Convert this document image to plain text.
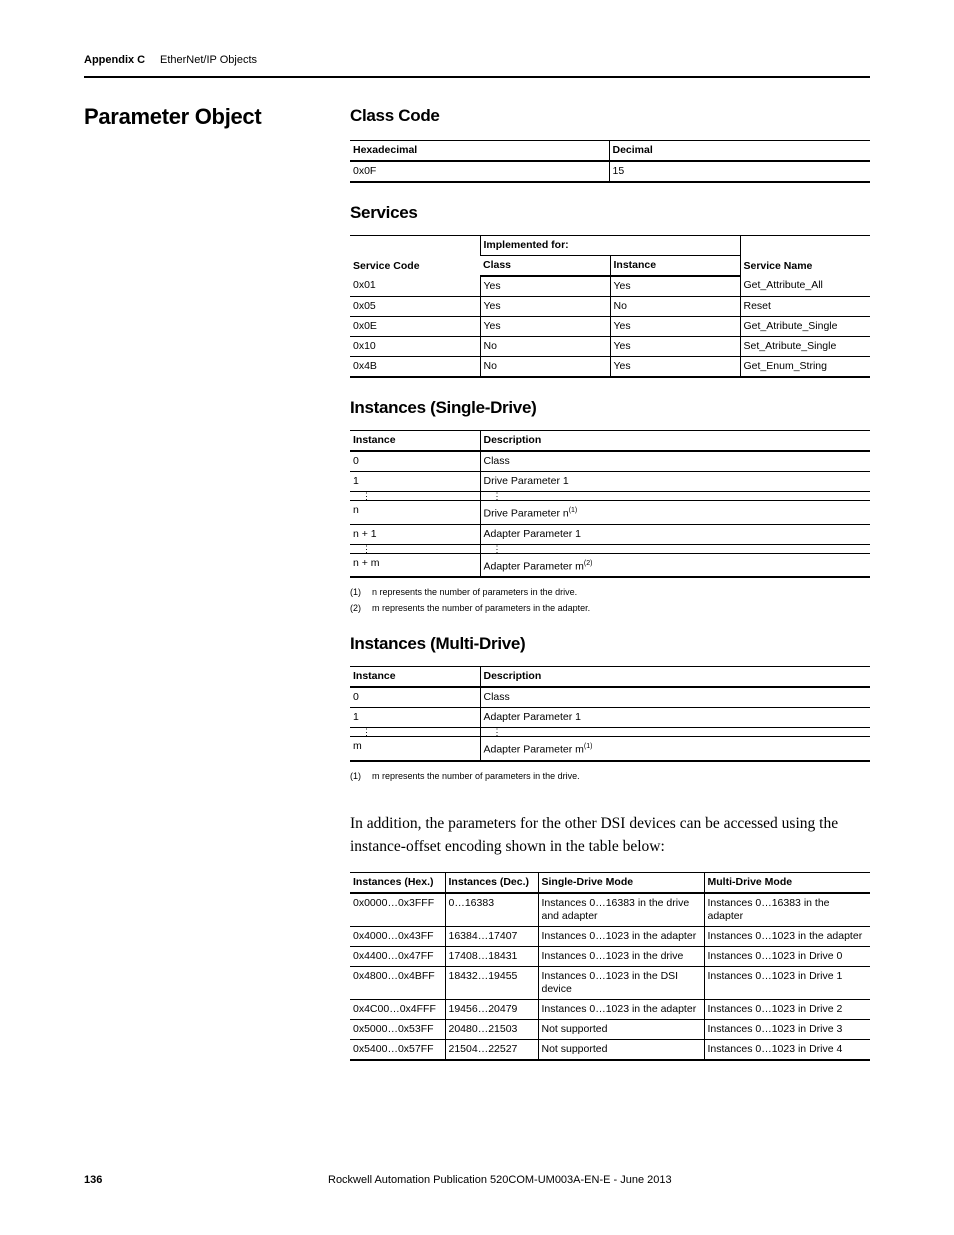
Appendix C EtherNet/IP Objects
Parameter Object	Class Code
Hexadecimal	Decimal
0x0F	15
Services
Service Code	Implemented for:		Service Name
	Class	Instance	
0x01	Yes	Yes	Get_Attribute_All
0x05	Yes	No	Reset
0x0E	Yes	Yes	Get_Atribute_Single
0x10	No	Yes	Set_Atribute_Single
0x4B	No	Yes	Get_Enum_String
Instances (Single-Drive)
Instance	Description
0	Class
1	Drive Parameter 1
⋮	⋮
n	Drive Parameter $n^{(1)}$
n + 1	Adapter Parameter 1
⋮	⋮
n + m	Adapter Parameter $m^{(2)}$
(1) n represents the number of parameters in the drive.
(2) m represents the number of parameters in the adapter.
Instances (Multi-Drive)
Instance	Description
0	Class
1	Adapter Parameter 1
⋮	⋮
m	Adapter Parameter $m^{(1)}$
(1) m represents the number of parameters in the drive.

In addition, the parameters for the other DSI devices can be accessed using the instance-offset encoding shown in the table below:

Instances (Hex.)	Instances (Dec.)	Single-Drive Mode	Multi-Drive Mode
0x0000…0x3FFF	0…16383	Instances 0…16383 in the drive and adapter	Instances 0…16383 in the adapter
0x4000…0x43FF	16384…17407	Instances 0…1023 in the adapter	Instances 0…1023 in the adapter
0x4400…0x47FF	17408…18431	Instances 0…1023 in the drive	Instances 0…1023 in Drive 0
0x4800…0x4BFF	18432…19455	Instances 0…1023 in the DSI device	Instances 0…1023 in Drive 1
0x4C00…0x4FFF	19456…20479	Instances 0…1023 in the adapter	Instances 0…1023 in Drive 2
0x5000…0x53FF	20480…21503	Not supported	Instances 0…1023 in Drive 3
0x5400…0x57FF	21504…22527	Not supported	Instances 0…1023 in Drive 4
136	Rockwell Automation Publication 520COM-UM003A-EN-E - June 2013
